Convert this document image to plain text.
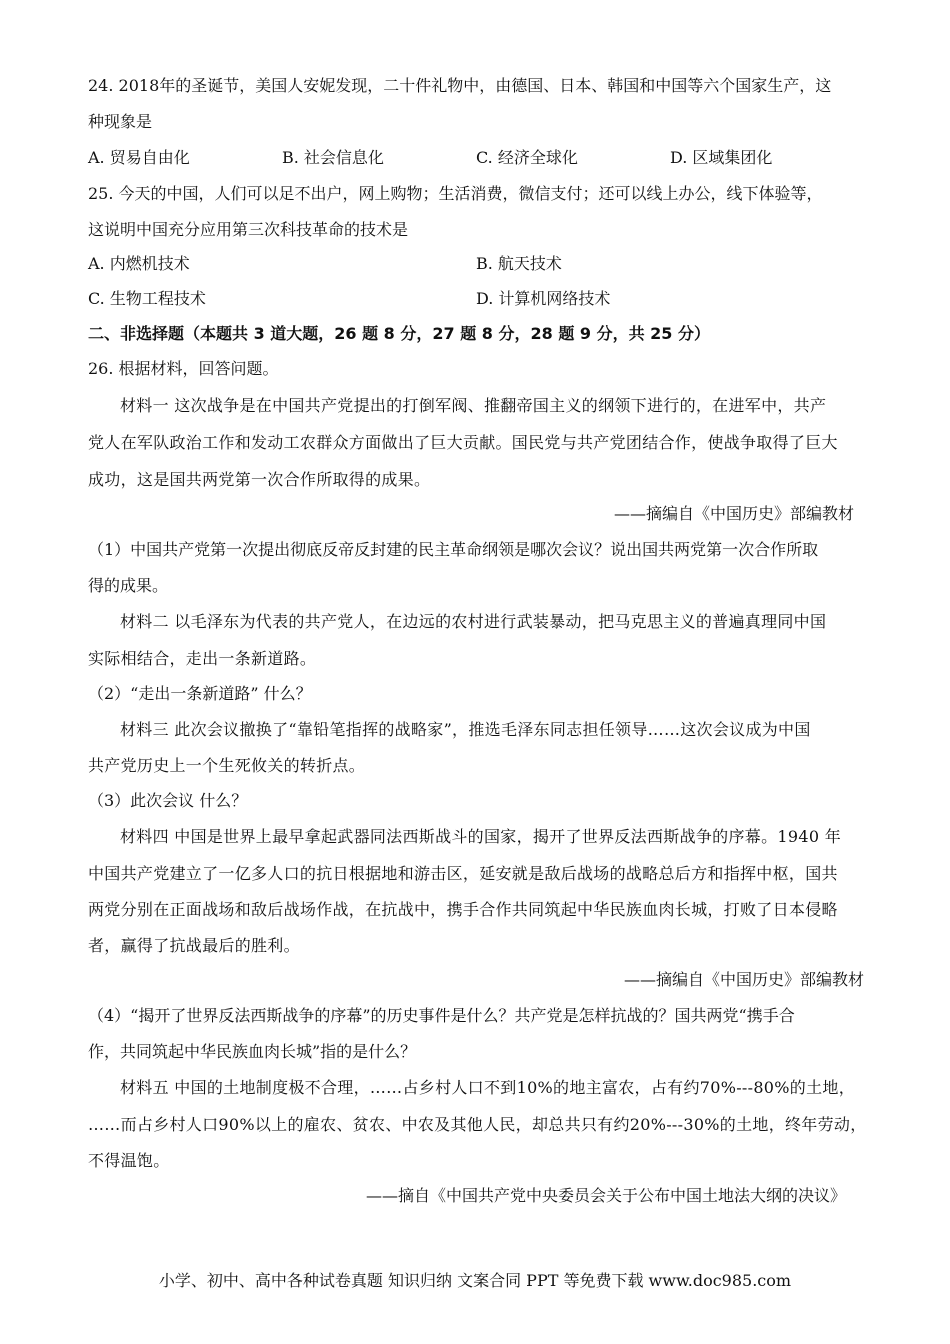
24. 2018年的圣诞节，美国人安妮发现，二十件礼物中，由德国、日本、韩国和中国等六个国家生产，这
种现象是
A. 贸易自由化	B. 社会信息化	C. 经济全球化	D. 区域集团化
25. 今天的中国，人们可以足不出户，网上购物；生活消费，微信支付；还可以线上办公，线下体验等，
这说明中国充分应用第三次科技革命的技术是
A. 内燃机技术	B. 航天技术
C. 生物工程技术	D. 计算机网络技术
二、非选择题（本题共 3 道大题，26 题 8 分，27 题 8 分，28 题 9 分，共 25 分）
26. 根据材料，回答问题。
材料一 这次战争是在中国共产党提出的打倒军阀、推翻帝国主义的纲领下进行的，在进军中，共产
党人在军队政治工作和发动工农群众方面做出了巨大贡献。国民党与共产党团结合作，使战争取得了巨大
成功，这是国共两党第一次合作所取得的成果。
——摘编自《中国历史》部编教材
（1）中国共产党第一次提出彻底反帝反封建的民主革命纲领是哪次会议？说出国共两党第一次合作所取
得的成果。
材料二 以毛泽东为代表的共产党人，在边远的农村进行武装暴动，把马克思主义的普遍真理同中国
实际相结合，走出一条新道路。
（2）“走出一条新道路” 什么？
材料三 此次会议撤换了“靠铅笔指挥的战略家”，推选毛泽东同志担任领导……这次会议成为中国
共产党历史上一个生死攸关的转折点。
（3）此次会议 什么？
材料四 中国是世界上最早拿起武器同法西斯战斗的国家，揭开了世界反法西斯战争的序幕。1940 年
中国共产党建立了一亿多人口的抗日根据地和游击区，延安就是敌后战场的战略总后方和指挥中枢，国共
两党分别在正面战场和敌后战场作战，在抗战中，携手合作共同筑起中华民族血肉长城，打败了日本侵略
者，赢得了抗战最后的胜利。
——摘编自《中国历史》部编教材
（4）“揭开了世界反法西斯战争的序幕”的历史事件是什么？共产党是怎样抗战的？国共两党“携手合
作，共同筑起中华民族血肉长城”指的是什么？
材料五 中国的土地制度极不合理，……占乡村人口不到10%的地主富农，占有约70%---80%的土地，
……而占乡村人口90%以上的雇农、贫农、中农及其他人民，却总共只有约20%---30%的土地，终年劳动，
不得温饱。
——摘自《中国共产党中央委员会关于公布中国土地法大纲的决议》
小学、初中、高中各种试卷真题 知识归纳 文案合同 PPT 等免费下载 www.doc985.com
